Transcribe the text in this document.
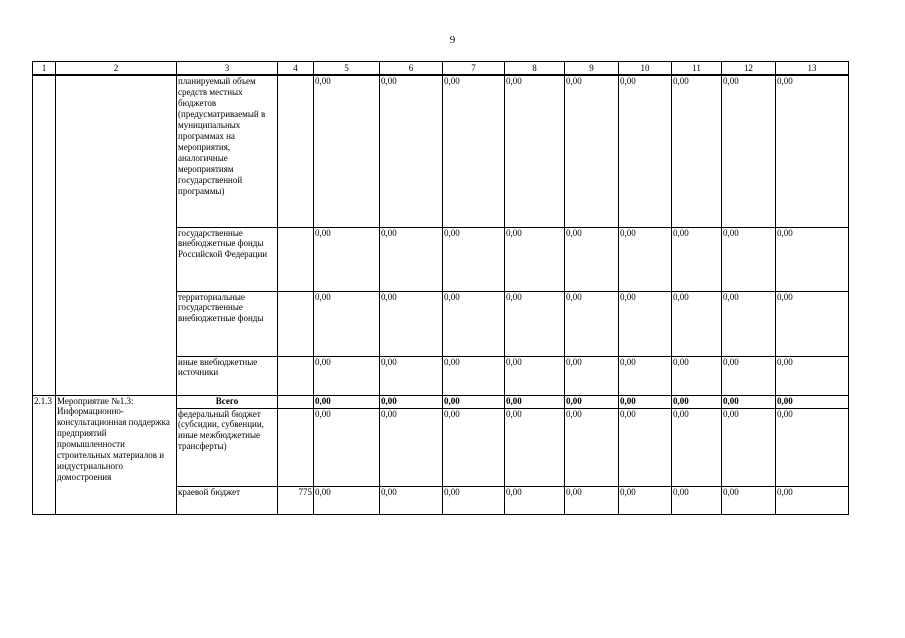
9
1	2	3	4	5	6	7	8	9	10	11	12	13
		планируемый объем средств местных бюджетов (предусматриваемый в муниципальных программах на мероприятия, аналогичные мероприятиям государственной программы)		0,00	0,00	0,00	0,00	0,00	0,00	0,00	0,00	0,00
		государственные внебюджетные фонды Российской Федерации		0,00	0,00	0,00	0,00	0,00	0,00	0,00	0,00	0,00
		территориальные государственные внебюджетные фонды		0,00	0,00	0,00	0,00	0,00	0,00	0,00	0,00	0,00
		иные внебюджетные источники		0,00	0,00	0,00	0,00	0,00	0,00	0,00	0,00	0,00
2.1.3	Мероприятие №1.3: Информационно-консультационная поддержка предприятий промышленности строительных материалов и индустриального домостроения	Всего		0,00	0,00	0,00	0,00	0,00	0,00	0,00	0,00	0,00
		федеральный бюджет (субсидии, субвенции, иные межбюджетные трансферты)		0,00	0,00	0,00	0,00	0,00	0,00	0,00	0,00	0,00
		краевой бюджет	775	0,00	0,00	0,00	0,00	0,00	0,00	0,00	0,00	0,00
